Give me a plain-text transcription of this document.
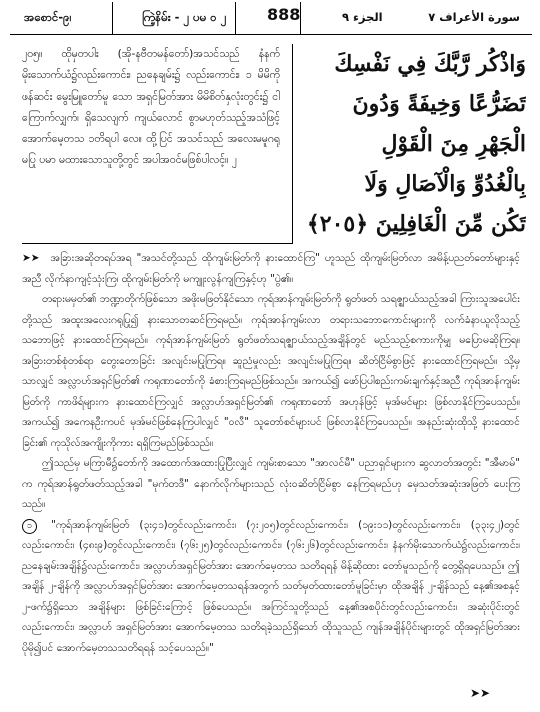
အစောင်-၉၊	ကြဲ့နိမ်း - ၂ ပမ ၀ ၂	888	الجزء ٩	سورة الأعراف ٧

၂၀၅။ ထိုမှတပါး (အို-နဗီတမန်တော်)အသင်သည် နံနက်မိုးသောက်ယံ၌လည်းကောင်း၊ ညနေချမ်း၌ လည်းကောင်း၊ ၁ မိမိကို ဖန်ဆင်း မွေးမြူတော်မူ သော အရှင်မြတ်အား မိမိစိတ်နှလုံးတွင်း၌ ငါ ကြောက်လျှက်၊ ရှိသေလျက် ကျယ်လောင် စွာမဟုတ်သည့်အသံဖြင့် အောက်မေ့တသ ၁တိရပါ လေ။ ထို့ပြင် အသင်သည် အလေးမမူဂရုမပြု ပမာ မထားသောသူတို့တွင် အပါအဝင်မဖြစ်ပါလင့်။ ၂

وَاذْكُر رَّبَّكَ فِي نَفْسِكَ
تَضَرُّعًا وَخِيفَةً وَدُونَ
الْجَهْرِ مِنَ الْقَوْلِ
بِالْغُدُوِّ وَالْآصَالِ وَلَا
تَكُن مِّنَ الْغَافِلِينَ ﴿٢٠٥﴾

➤➤ အခြားအဆိုတရပ်အရ "အသင်တို့သည် ထိုကျမ်းမြတ်ကို နားထောင်ကြ" ဟူသည် ထိုကျမ်းမြတ်လာ အမိန့်ပညတ်တော်များနှင့်အညီ လိုက်နာကျင့်သုံးကြ၊ ထိုကျမ်းမြတ်ကို မကျူးလွန်ကျကြနှင့်ဟု "ပွဲ၏။

တရားမမှတ်၏ ဘဏ္ဍာတိုက်ဖြစ်သော အဖိုးမဖြတ်နိုင်သော ကုရ်အာန်ကျမ်းမြတ်ကို ရွတ်ဖတ် သရဇ္ဈာယ်သည့်အခါ ကြားသူအပေါင်းတို့သည် အထူးအလေးဂရုပြု၍ နားသောတဆင်ကြရမည်။ ကုရ်အာန်ကျမ်းလာ တရားသဘောကောင်းများကို လက်ခံနာယူလိုသည့်သဘောဖြင့် နားထောင်ကြရမည်။ ကုရ်အာန်ကျမ်းမြတ် ရွတ်ဖတ်သရဇ္ဈာယ်သည့်အချိန်တွင် မည်သည့်စကားကိုမျှ မပြောမဆိုကြရ။ အခြားတစ်စုံတစ်ရာ တွေးတောခြင်း အလျင်းမပြုကြရ။ ဆူညံမှုလည်း အလျင်းမပြုကြရ။ ဆိတ်ငြိမ်စွာဖြင့် နားထောင်ကြရမည်။ သို့မှသာလျှင် အလ္လာဟ်အရှင်မြတ်၏ ကရုဏာတော်ကို ခံစားကြရမည်ဖြစ်သည်။ အကယ်၍ ဖော်ပြပါစည်းကမ်းချက်နှင့်အညီ ကုရ်အာန်ကျမ်းမြတ်ကို ကာဖိရ်များက နားထောင်ကြလျှင် အလ္လာဟ်အရှင်မြတ်၏ ကရုဏာတော် အဟုန်ဖြင့် မုအ်မင်များ ဖြစ်လာနိုင်ကြပေသည်။ အကယ်၍ အကေနဦးကပင် မုအ်မင်ဖြစ်နေကြပါလျှင် "ဝလီ" သူတော်စင်များပင် ဖြစ်လာနိုင်ကြပေသည်။ အနည်းဆုံးထိုသို့ နားထောင်ခြင်း၏ ကုသိုလ်အကျိုးကိုကား ရရှိကြမည်ဖြစ်သည်။

ဤသည်မှ မကြာမီ၌တော်ကို အထောက်အထားပြုပြီးလျှင် ကျမ်းစာသော "အာလင်မီ" ပညာရှင်များက ဆွလာတ်အတွင်း "အီမာမ်" က ကုရ်အာန်ရွတ်ဖတ်သည့်အခါ "မုက်တဒီ" နောက်လိုက်များသည် လုံးဝဆိတ်ငြိမ်စွာ နေကြရမည်ဟု မှေသတ်အဆုံးအဖြတ် ပေးကြသည်။

၁ "ကုရ်အာန်ကျမ်းမြတ် (၃း၄၁)တွင်လည်းကောင်း၊ (၇း၂၀၅)တွင်လည်းကောင်း၊ (၁၉း၁၁)တွင်လည်းကောင်း၊ (၃၃း၄၂)တွင်လည်းကောင်း၊ (၄၈း၉)တွင်လည်းကောင်း၊ (၇၆း၂၅)တွင်လည်းကောင်း၊ (၇၆း၂၆)တွင်လည်းကောင်း၊ နံနက်မိုးသောက်ယံ၌လည်းကောင်း၊ ညနေချမ်းအချိန်၌လည်းကောင်း၊ အလ္လာဟ်အရှင်မြတ်အား အောက်မေ့တသ သတိရရန် မိန့်ဆိုထား တော်မူသည်ကို တွေ့ရှိရပေသည်။ ဤအချိန် ၂-ချိန်ကို အလ္လာဟ်အရှင်မြတ်အား အောက်မေ့တသရန်အတွက် သတ်မှတ်ထားတော်မူခြင်းမှာ ထိုအချိန် ၂-ချိန်သည် နေ့၏အစနှင့် ၂-ဖက်၌ရှိသော အချိန်များ ဖြစ်ခြင်းကြောင့် ဖြစ်ပေသည်။ အကြင်သူတို့သည် နေ့၏အစပိုင်းတွင်လည်းကောင်း၊ အဆုံးပိုင်းတွင်လည်းကောင်း၊ အလ္လာဟ် အရှင်မြတ်အား အောက်မေ့တသ သတိရခဲ့သည်ရှိသော် ထိုသူသည် ကျန်အချိန်ပိုင်းများတွင် ထိုအရှင်မြတ်အား ပိုမို၍ပင် အောက်မေ့တသသတိရရန် သင့်ပေသည်။"

➤➤
